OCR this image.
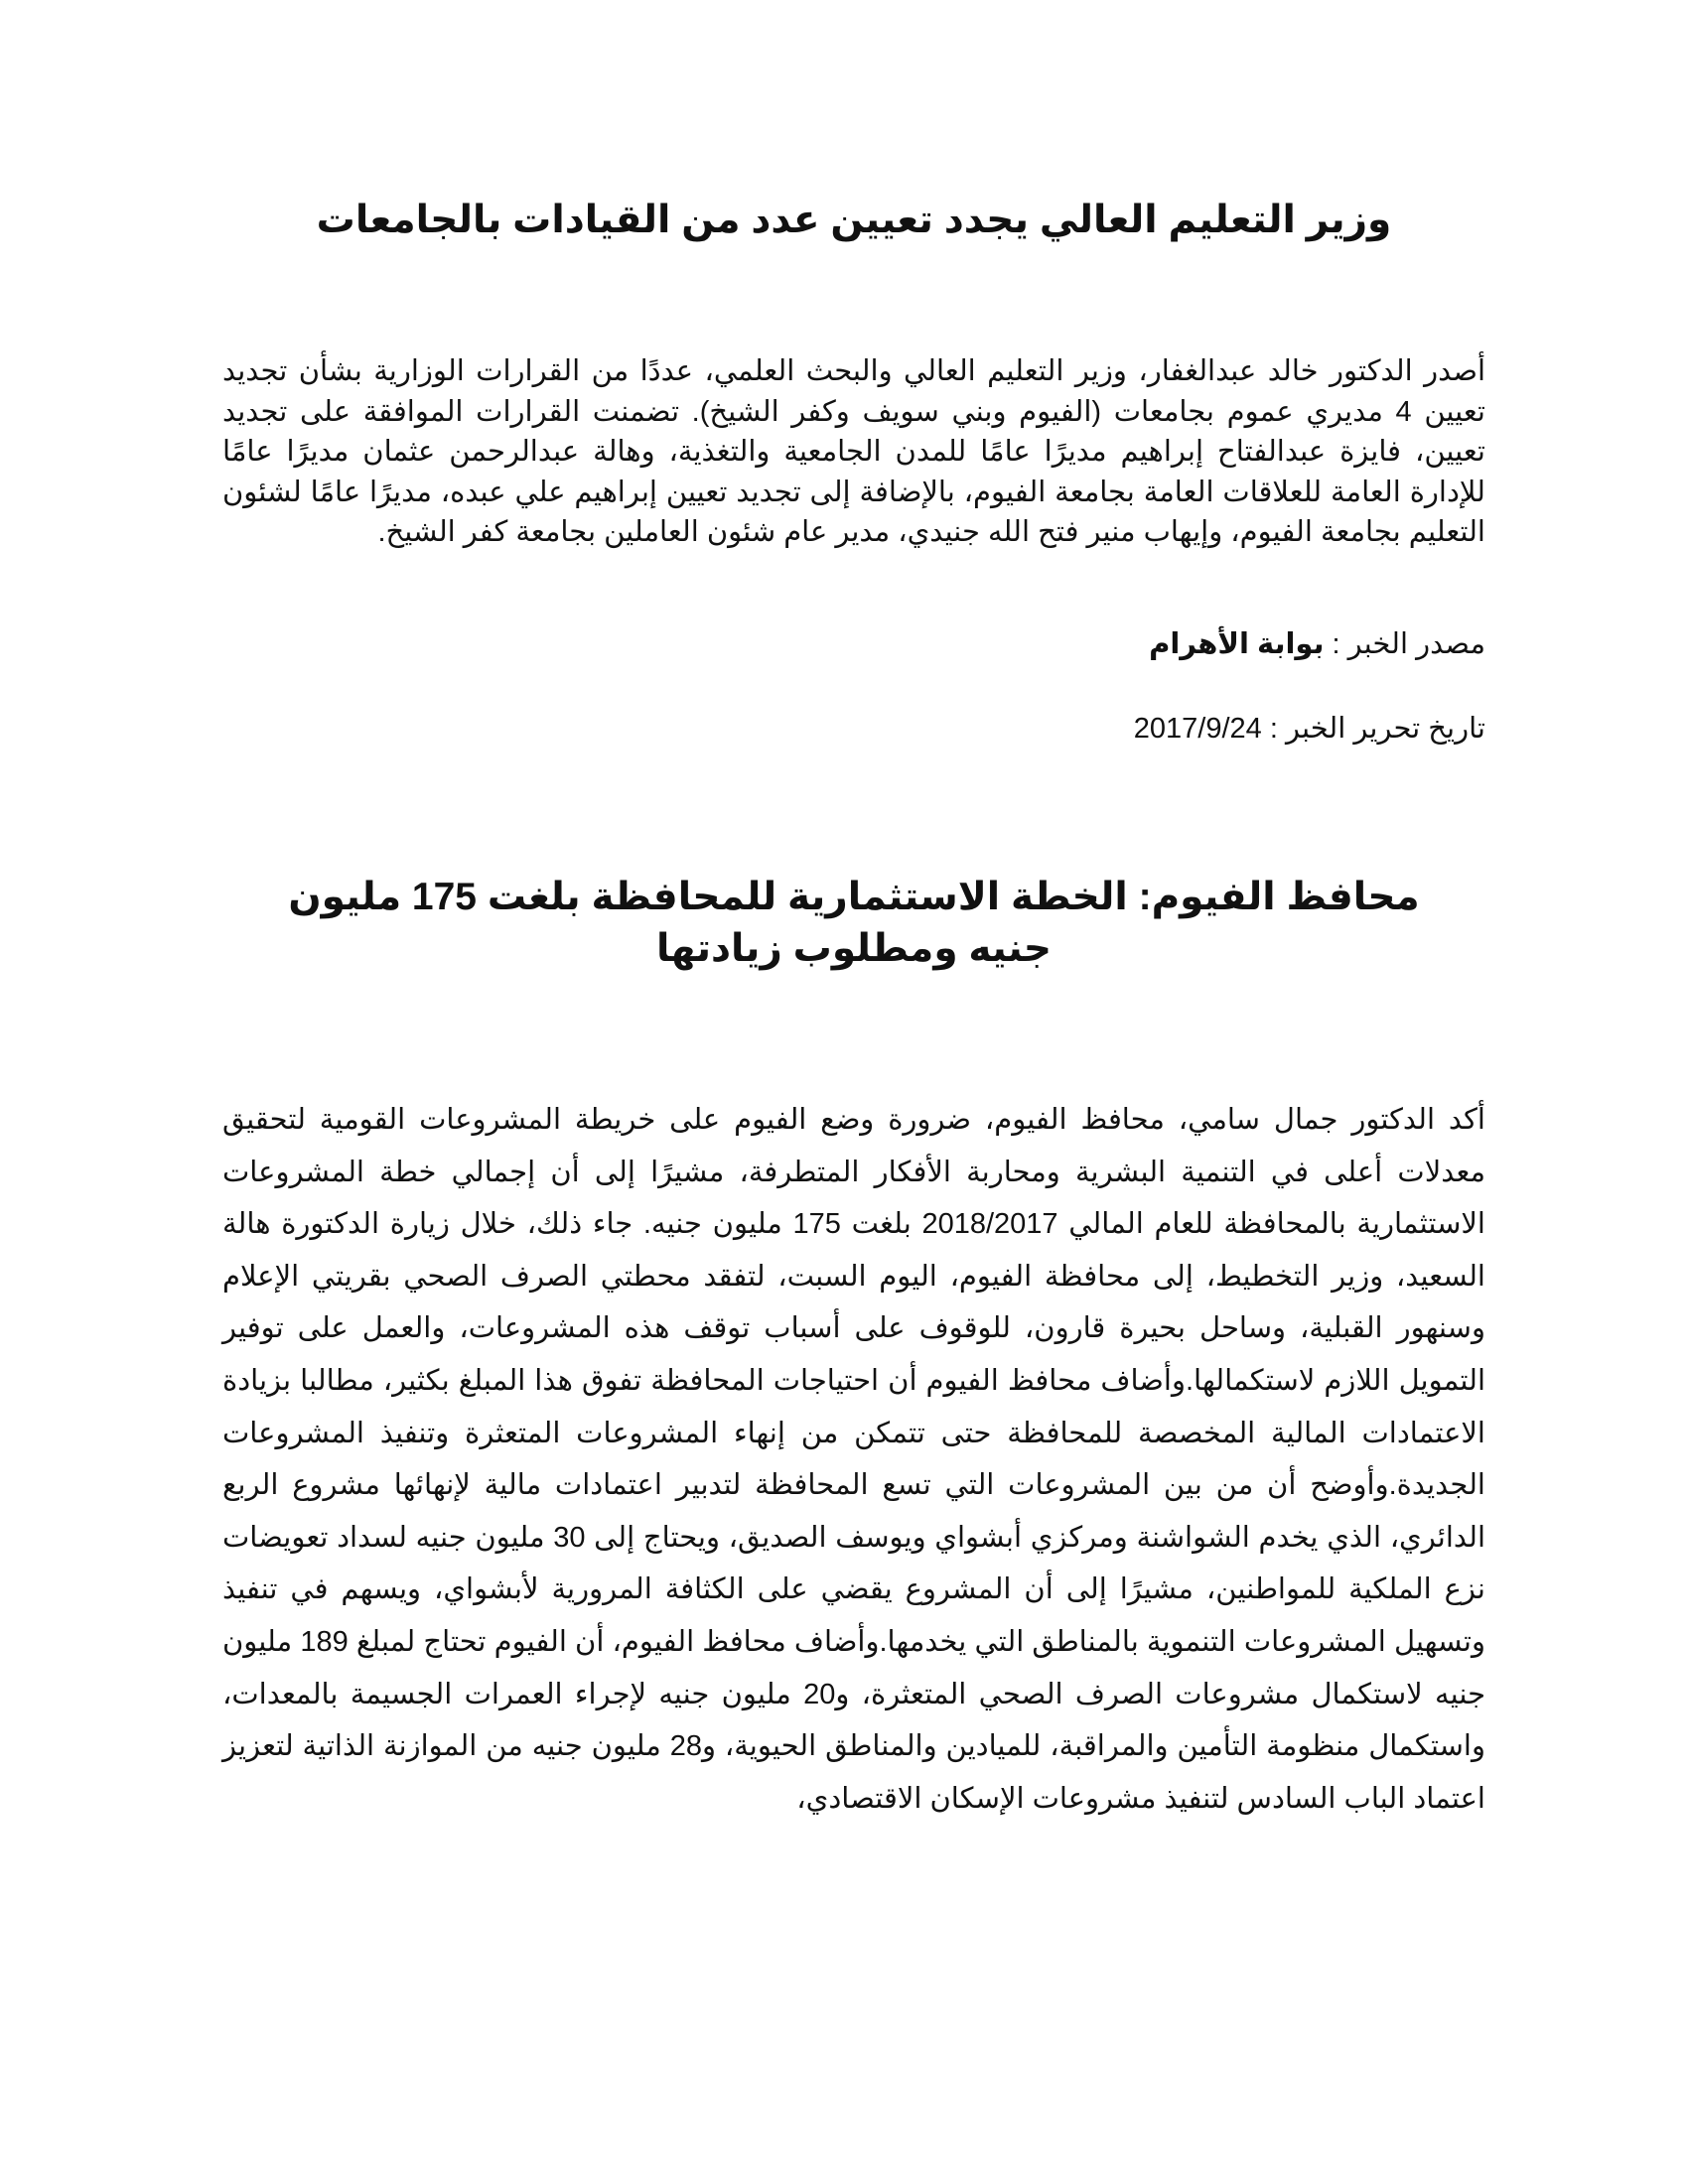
وزير التعليم العالي يجدد تعيين عدد من القيادات بالجامعات

أصدر الدكتور خالد عبدالغفار، وزير التعليم العالي والبحث العلمي، عددًا من القرارات الوزارية بشأن تجديد تعيين 4 مديري عموم بجامعات (الفيوم وبني سويف وكفر الشيخ). تضمنت القرارات الموافقة على تجديد تعيين، فايزة عبدالفتاح إبراهيم مديرًا عامًا للمدن الجامعية والتغذية، وهالة عبدالرحمن عثمان مديرًا عامًا للإدارة العامة للعلاقات العامة بجامعة الفيوم، بالإضافة إلى تجديد تعيين إبراهيم علي عبده، مديرًا عامًا لشئون التعليم بجامعة الفيوم، وإيهاب منير فتح الله جنيدي، مدير عام شئون العاملين بجامعة كفر الشيخ.

مصدر الخبر : بوابة الأهرام

تاريخ تحرير الخبر : 2017/9/24

محافظ الفيوم: الخطة الاستثمارية للمحافظة بلغت 175 مليون جنيه ومطلوب زيادتها

أكد الدكتور جمال سامي، محافظ الفيوم، ضرورة وضع الفيوم على خريطة المشروعات القومية لتحقيق معدلات أعلى في التنمية البشرية ومحاربة الأفكار المتطرفة، مشيرًا إلى أن إجمالي خطة المشروعات الاستثمارية بالمحافظة للعام المالي 2018/2017 بلغت 175 مليون جنيه. جاء ذلك، خلال زيارة الدكتورة هالة السعيد، وزير التخطيط، إلى محافظة الفيوم، اليوم السبت، لتفقد محطتي الصرف الصحي بقريتي الإعلام وسنهور القبلية، وساحل بحيرة قارون، للوقوف على أسباب توقف هذه المشروعات، والعمل على توفير التمويل اللازم لاستكمالها.وأضاف محافظ الفيوم أن احتياجات المحافظة تفوق هذا المبلغ بكثير، مطالبا بزيادة الاعتمادات المالية المخصصة للمحافظة حتى تتمكن من إنهاء المشروعات المتعثرة وتنفيذ المشروعات الجديدة.وأوضح أن من بين المشروعات التي تسع المحافظة لتدبير اعتمادات مالية لإنهائها مشروع الربع الدائري، الذي يخدم الشواشنة ومركزي أبشواي ويوسف الصديق، ويحتاج إلى 30 مليون جنيه لسداد تعويضات نزع الملكية للمواطنين، مشيرًا إلى أن المشروع يقضي على الكثافة المرورية لأبشواي، ويسهم في تنفيذ وتسهيل المشروعات التنموية بالمناطق التي يخدمها.وأضاف محافظ الفيوم، أن الفيوم تحتاج لمبلغ 189 مليون جنيه لاستكمال مشروعات الصرف الصحي المتعثرة، و20 مليون جنيه لإجراء العمرات الجسيمة بالمعدات، واستكمال منظومة التأمين والمراقبة، للميادين والمناطق الحيوية، و28 مليون جنيه من الموازنة الذاتية لتعزيز اعتماد الباب السادس لتنفيذ مشروعات الإسكان الاقتصادي،
